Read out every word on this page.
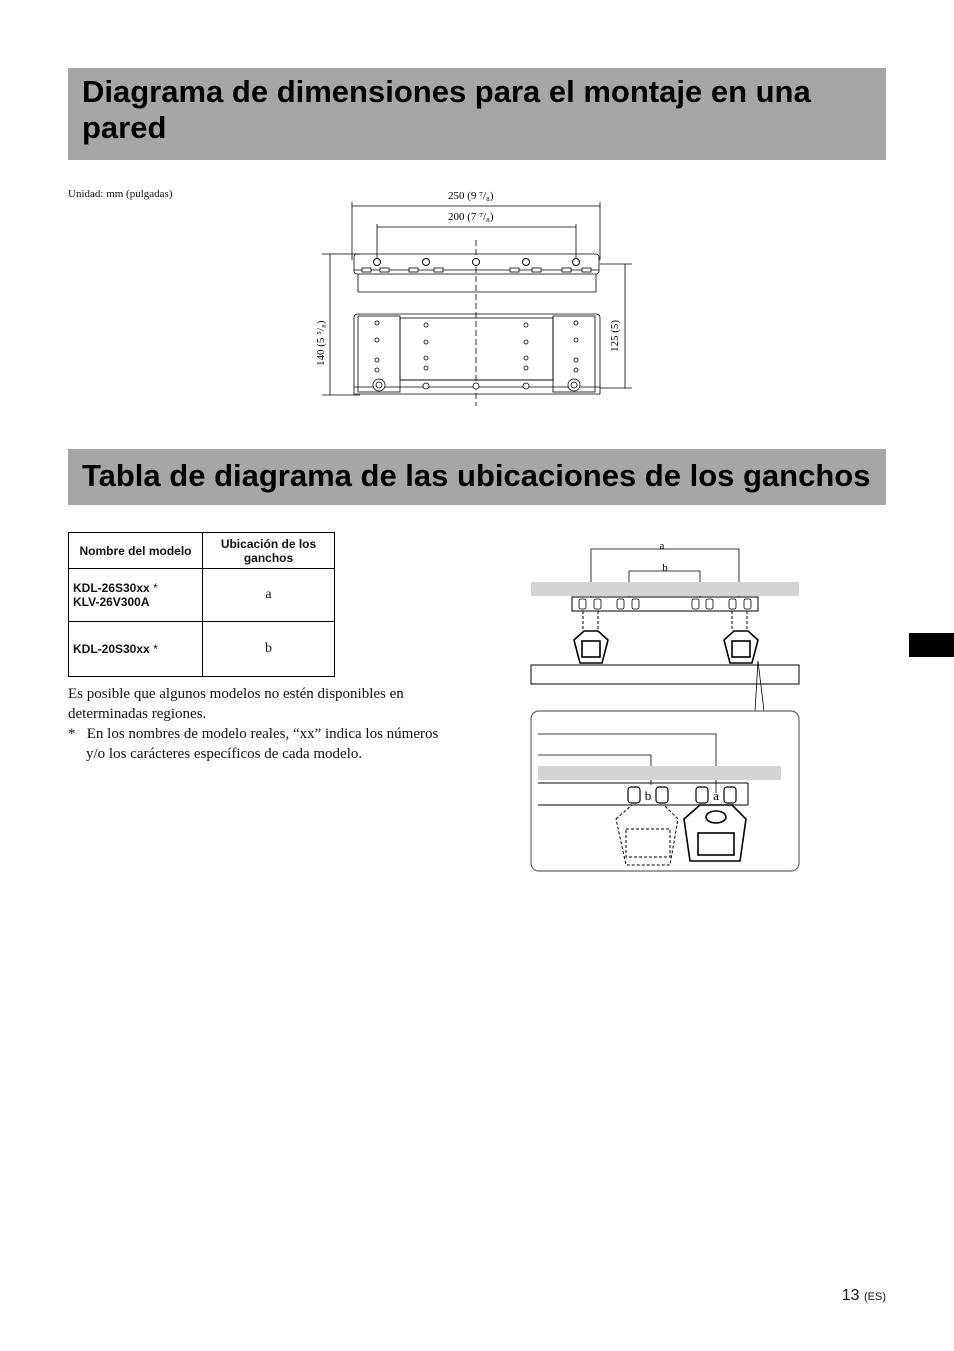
Diagrama de dimensiones para el montaje en una pared
Unidad: mm (pulgadas)	250 (9 ⁷/₈)
200 (7 ⁷/₈)
140 (5 ⁵/₈)	125 (5)
Tabla de diagrama de las ubicaciones de los ganchos
Nombre del modelo	Ubicación de los ganchos
KDL-26S30xx *
KLV-26V300A	a
KDL-20S30xx *	b

Es posible que algunos modelos no estén disponibles en determinadas regiones.

* En los nombres de modelo reales, “xx” indica los números y/o los carácteres específicos de cada modelo.

a
b
b	a
13 (ES)
